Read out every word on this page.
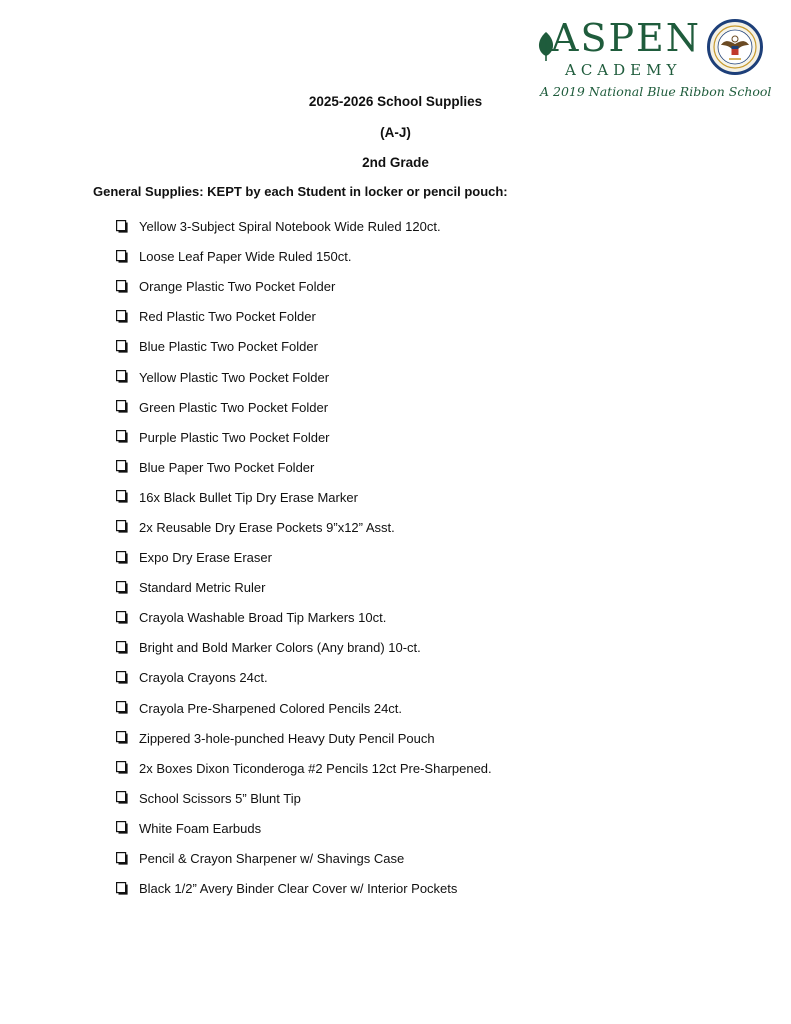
ASPEN
ACADEMY
A 2019 National Blue Ribbon School
2025-2026 School Supplies
(A-J)
2nd Grade
General Supplies: KEPT by each Student in locker or pencil pouch:
Yellow 3-Subject Spiral Notebook Wide Ruled 120ct.
Loose Leaf Paper Wide Ruled 150ct.
Orange Plastic Two Pocket Folder
Red Plastic Two Pocket Folder
Blue Plastic Two Pocket Folder
Yellow Plastic Two Pocket Folder
Green Plastic Two Pocket Folder
Purple Plastic Two Pocket Folder
Blue Paper Two Pocket Folder
16x Black Bullet Tip Dry Erase Marker
2x Reusable Dry Erase Pockets 9”x12” Asst.
Expo Dry Erase Eraser
Standard Metric Ruler
Crayola Washable Broad Tip Markers 10ct.
Bright and Bold Marker Colors (Any brand) 10-ct.
Crayola Crayons 24ct.
Crayola Pre-Sharpened Colored Pencils 24ct.
Zippered 3-hole-punched Heavy Duty Pencil Pouch
2x Boxes Dixon Ticonderoga #2 Pencils 12ct Pre-Sharpened.
School Scissors 5” Blunt Tip
White Foam Earbuds
Pencil & Crayon Sharpener w/ Shavings Case
Black 1/2” Avery Binder Clear Cover w/ Interior Pockets
